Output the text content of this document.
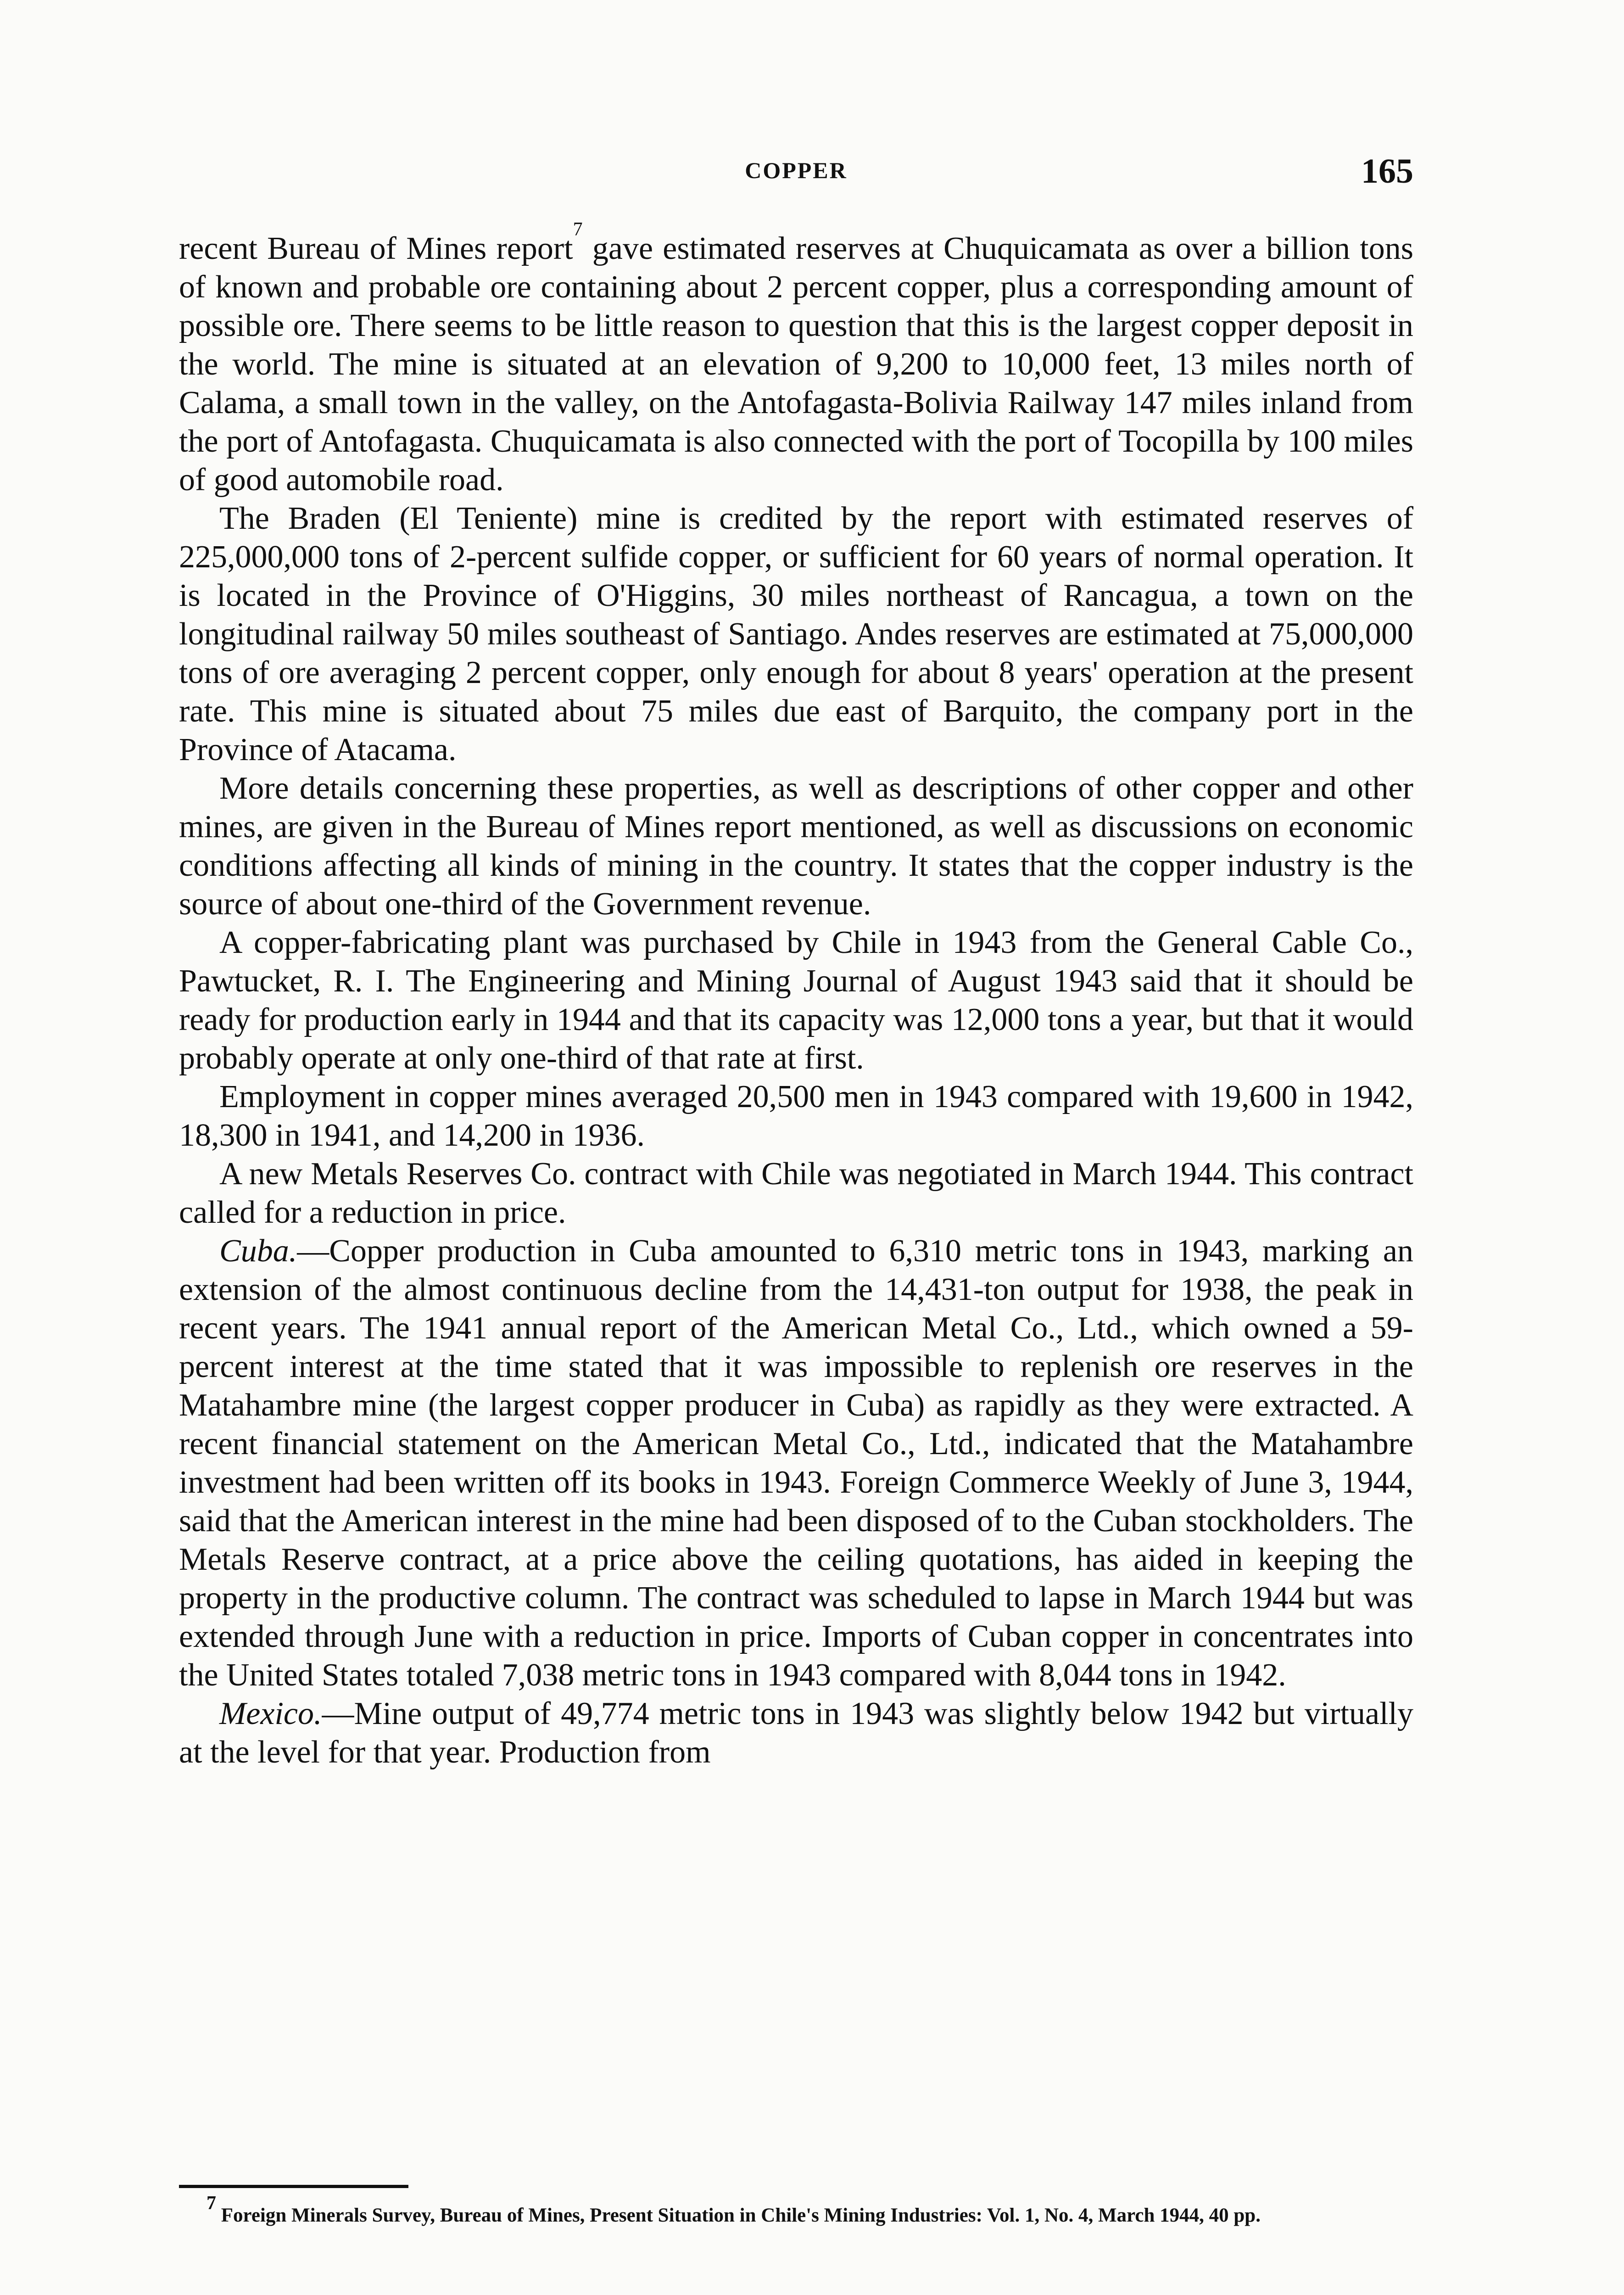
COPPER	165

recent Bureau of Mines report$^7$ gave estimated reserves at Chuquicamata as over a billion tons of known and probable ore containing about 2 percent copper, plus a corresponding amount of possible ore. There seems to be little reason to question that this is the largest copper deposit in the world. The mine is situated at an elevation of 9,200 to 10,000 feet, 13 miles north of Calama, a small town in the valley, on the Antofagasta-Bolivia Railway 147 miles inland from the port of Antofagasta. Chuquicamata is also connected with the port of Tocopilla by 100 miles of good automobile road.

The Braden (El Teniente) mine is credited by the report with estimated reserves of 225,000,000 tons of 2-percent sulfide copper, or sufficient for 60 years of normal operation. It is located in the Province of O'Higgins, 30 miles northeast of Rancagua, a town on the longitudinal railway 50 miles southeast of Santiago. Andes reserves are estimated at 75,000,000 tons of ore averaging 2 percent copper, only enough for about 8 years' operation at the present rate. This mine is situated about 75 miles due east of Barquito, the company port in the Province of Atacama.

More details concerning these properties, as well as descriptions of other copper and other mines, are given in the Bureau of Mines report mentioned, as well as discussions on economic conditions affecting all kinds of mining in the country. It states that the copper industry is the source of about one-third of the Government revenue.

A copper-fabricating plant was purchased by Chile in 1943 from the General Cable Co., Pawtucket, R. I. The Engineering and Mining Journal of August 1943 said that it should be ready for production early in 1944 and that its capacity was 12,000 tons a year, but that it would probably operate at only one-third of that rate at first.

Employment in copper mines averaged 20,500 men in 1943 compared with 19,600 in 1942, 18,300 in 1941, and 14,200 in 1936.

A new Metals Reserves Co. contract with Chile was negotiated in March 1944. This contract called for a reduction in price.

Cuba.—Copper production in Cuba amounted to 6,310 metric tons in 1943, marking an extension of the almost continuous decline from the 14,431-ton output for 1938, the peak in recent years. The 1941 annual report of the American Metal Co., Ltd., which owned a 59-percent interest at the time stated that it was impossible to replenish ore reserves in the Matahambre mine (the largest copper producer in Cuba) as rapidly as they were extracted. A recent financial statement on the American Metal Co., Ltd., indicated that the Matahambre investment had been written off its books in 1943. Foreign Commerce Weekly of June 3, 1944, said that the American interest in the mine had been disposed of to the Cuban stockholders. The Metals Reserve contract, at a price above the ceiling quotations, has aided in keeping the property in the productive column. The contract was scheduled to lapse in March 1944 but was extended through June with a reduction in price. Imports of Cuban copper in concentrates into the United States totaled 7,038 metric tons in 1943 compared with 8,044 tons in 1942.

Mexico.—Mine output of 49,774 metric tons in 1943 was slightly below 1942 but virtually at the level for that year. Production from

7 Foreign Minerals Survey, Bureau of Mines, Present Situation in Chile's Mining Industries: Vol. 1, No. 4, March 1944, 40 pp.
